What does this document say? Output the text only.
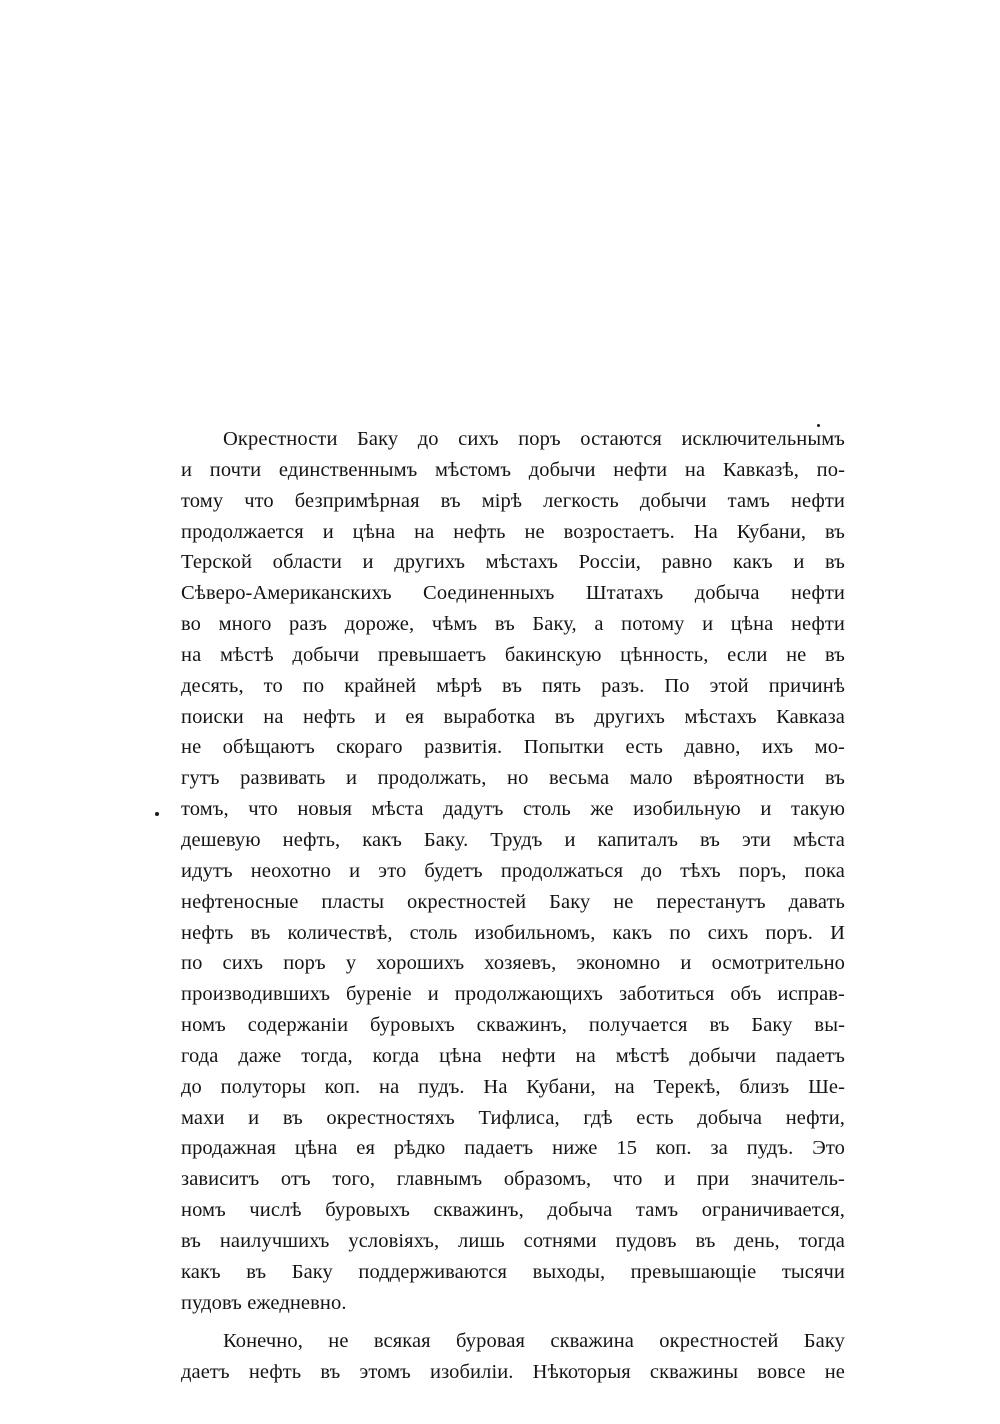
Окрестности Баку до сихъ поръ остаются исключительнымъ
и почти единственнымъ мѣстомъ добычи нефти на Кавказѣ, по-
тому что безпримѣрная въ мірѣ легкость добычи тамъ нефти
продолжается и цѣна на нефть не возростаетъ. На Кубани, въ
Терской области и другихъ мѣстахъ Россіи, равно какъ и въ
Сѣверо-Американскихъ Соединенныхъ Штатахъ добыча нефти
во много разъ дороже, чѣмъ въ Баку, а потому и цѣна нефти
на мѣстѣ добычи превышаетъ бакинскую цѣнность, если не въ
десять, то по крайней мѣрѣ въ пять разъ. По этой причинѣ
поиски на нефть и ея выработка въ другихъ мѣстахъ Кавказа
не обѣщаютъ скораго развитія. Попытки есть давно, ихъ мо-
гутъ развивать и продолжать, но весьма мало вѣроятности въ
томъ, что новыя мѣста дадутъ столь же изобильную и такую
дешевую нефть, какъ Баку. Трудъ и капиталъ въ эти мѣста
идутъ неохотно и это будетъ продолжаться до тѣхъ поръ, пока
нефтеносные пласты окрестностей Баку не перестанутъ давать
нефть въ количествѣ, столь изобильномъ, какъ по сихъ поръ. И
по сихъ поръ у хорошихъ хозяевъ, экономно и осмотрительно
производившихъ буреніе и продолжающихъ заботиться объ исправ-
номъ содержаніи буровыхъ скважинъ, получается въ Баку вы-
года даже тогда, когда цѣна нефти на мѣстѣ добычи падаетъ
до полуторы коп. на пудъ. На Кубани, на Терекѣ, близъ Ше-
махи и въ окрестностяхъ Тифлиса, гдѣ есть добыча нефти,
продажная цѣна ея рѣдко падаетъ ниже 15 коп. за пудъ. Это
зависитъ отъ того, главнымъ образомъ, что и при значитель-
номъ числѣ буровыхъ скважинъ, добыча тамъ ограничивается,
въ наилучшихъ условіяхъ, лишь сотнями пудовъ въ день, тогда
какъ въ Баку поддерживаются выходы, превышающіе тысячи
пудовъ ежедневно.
Конечно, не всякая буровая скважина окрестностей Баку
даетъ нефть въ этомъ изобиліи. Нѣкоторыя скважины вовсе не
